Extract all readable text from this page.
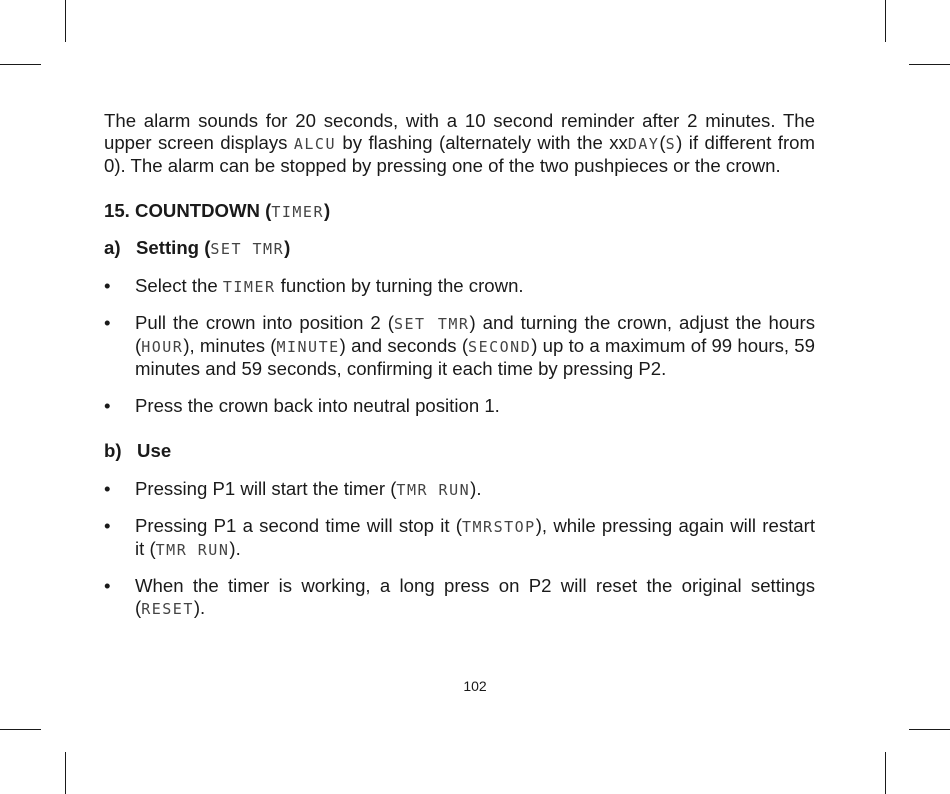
The alarm sounds for 20 seconds, with a 10 second reminder after 2 minutes. The upper screen displays ALCU by flashing (alternately with the xxDAY(S) if different from 0). The alarm can be stopped by pressing one of the two pushpieces or the crown.

15. COUNTDOWN (TIMER)

a)   Setting (SET TMR)

• Select the TIMER function by turning the crown.

• Pull the crown into position 2 (SET TMR) and turning the crown, adjust the hours (HOUR), minutes (MINUTE) and seconds (SECOND) up to a maximum of 99 hours, 59 minutes and 59 seconds, confirming it each time by pressing P2.

• Press the crown back into neutral position 1.

b)   Use

• Pressing P1 will start the timer (TMR RUN).

• Pressing P1 a second time will stop it (TMRSTOP), while pressing again will restart it (TMR RUN).

• When the timer is working, a long press on P2 will reset the original settings (RESET).

102
